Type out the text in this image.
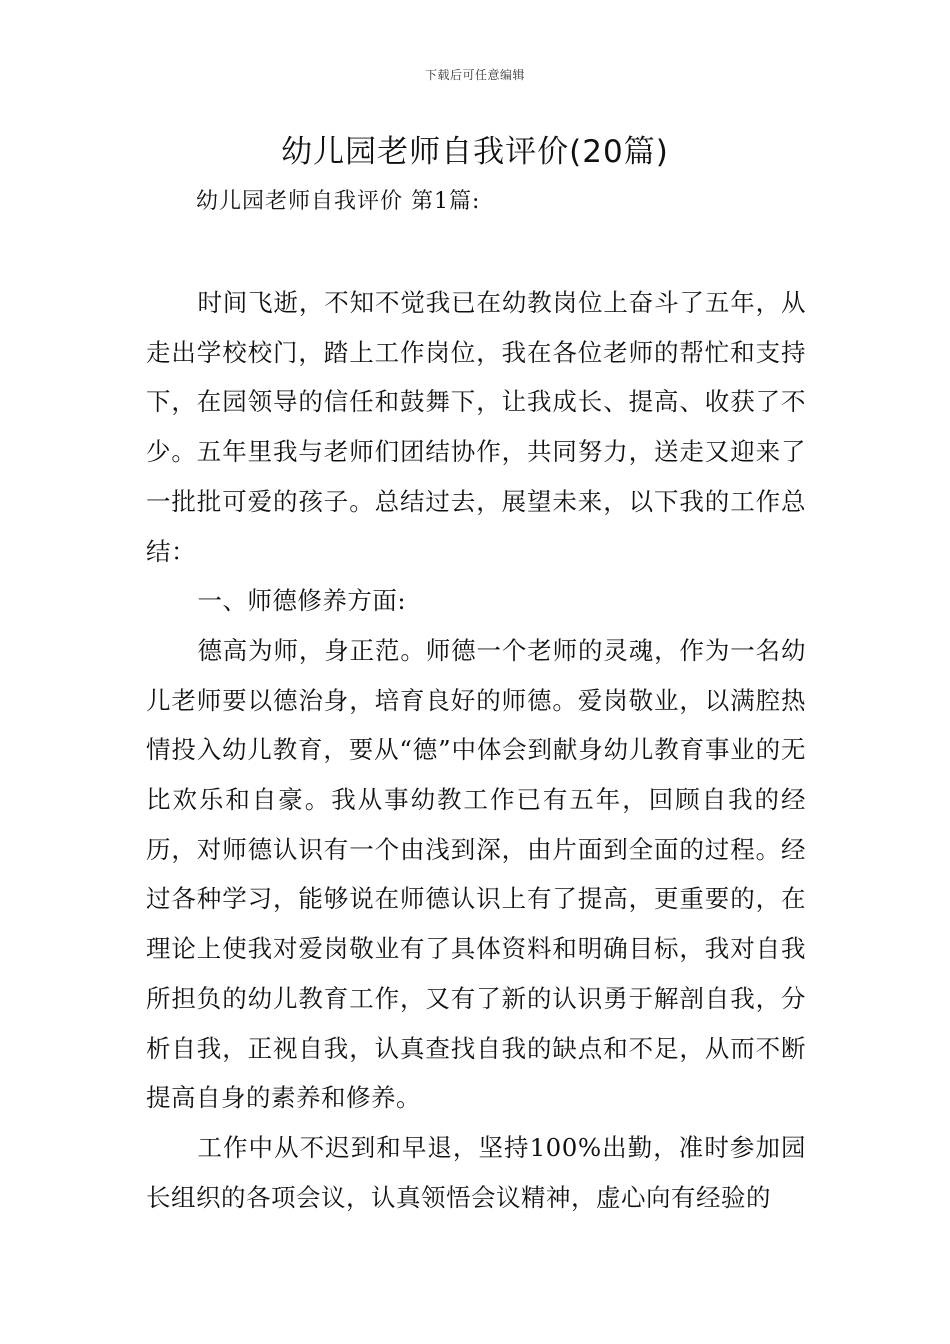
下载后可任意编辑
幼儿园老师自我评价(20篇)
幼儿园老师自我评价 第1篇:

时间飞逝，不知不觉我已在幼教岗位上奋斗了五年，从走出学校校门，踏上工作岗位，我在各位老师的帮忙和支持下，在园领导的信任和鼓舞下，让我成长、提高、收获了不少。五年里我与老师们团结协作，共同努力，送走又迎来了一批批可爱的孩子。总结过去，展望未来，以下我的工作总结：

一、师德修养方面:

德高为师，身正范。师德一个老师的灵魂，作为一名幼儿老师要以德治身，培育良好的师德。爱岗敬业，以满腔热情投入幼儿教育，要从“德”中体会到献身幼儿教育事业的无比欢乐和自豪。我从事幼教工作已有五年，回顾自我的经历，对师德认识有一个由浅到深，由片面到全面的过程。经过各种学习，能够说在师德认识上有了提高，更重要的，在理论上使我对爱岗敬业有了具体资料和明确目标，我对自我所担负的幼儿教育工作，又有了新的认识勇于解剖自我，分析自我，正视自我，认真查找自我的缺点和不足，从而不断提高自身的素养和修养。

工作中从不迟到和早退，坚持100%出勤，准时参加园长组织的各项会议，认真领悟会议精神，虚心向有经验的
